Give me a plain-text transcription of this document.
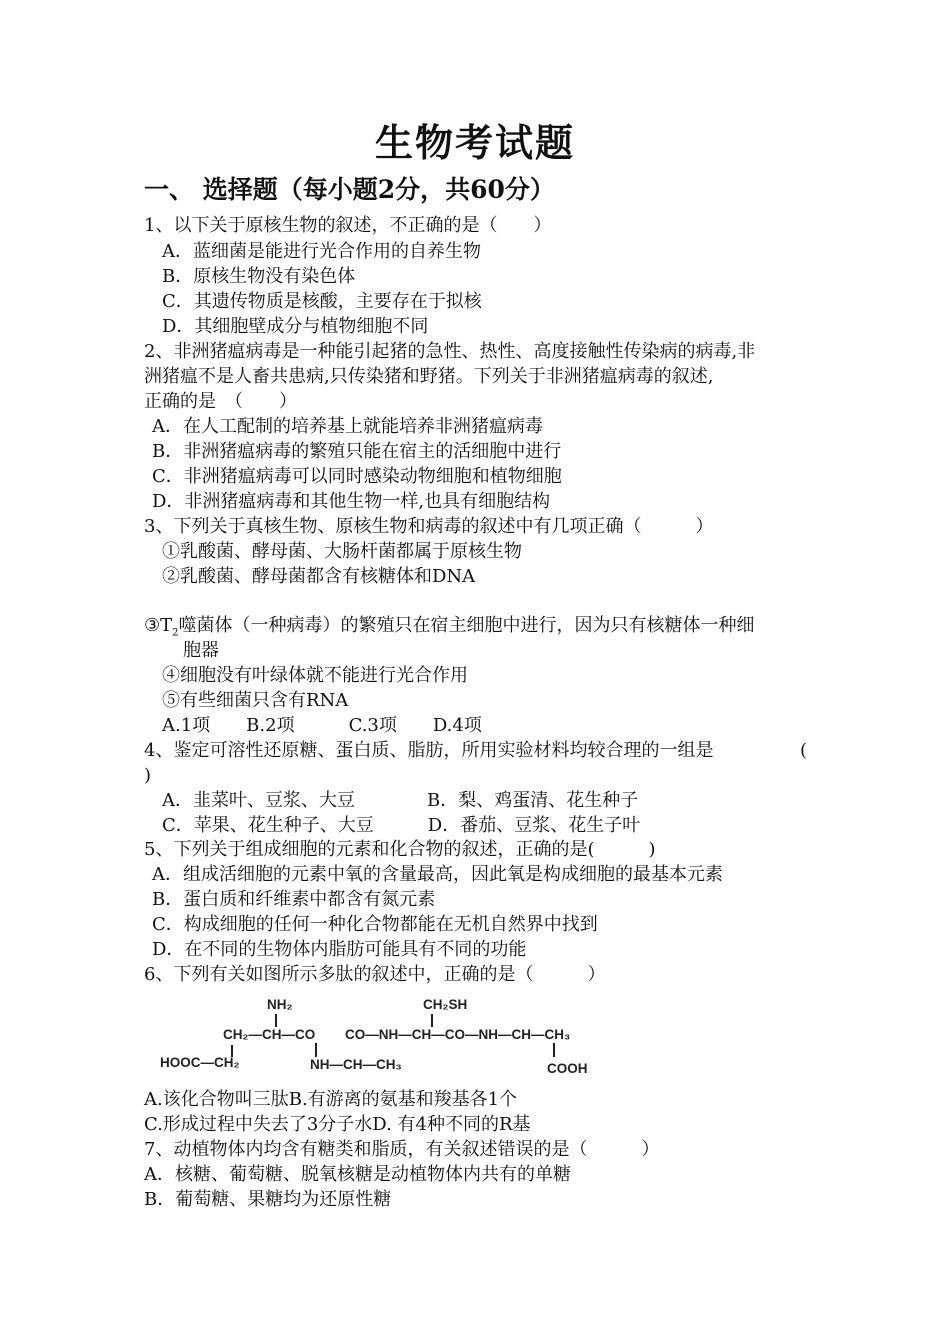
生物考试题
一、 选择题（每小题2分，共60分）
1、以下关于原核生物的叙述，不正确的是（　　）
A．蓝细菌是能进行光合作用的自养生物
B．原核生物没有染色体
C．其遗传物质是核酸，主要存在于拟核
D．其细胞壁成分与植物细胞不同
2、非洲猪瘟病毒是一种能引起猪的急性、热性、高度接触性传染病的病毒,非
洲猪瘟不是人畜共患病,只传染猪和野猪。下列关于非洲猪瘟病毒的叙述,
正确的是　（　　）
A．在人工配制的培养基上就能培养非洲猪瘟病毒
B．非洲猪瘟病毒的繁殖只能在宿主的活细胞中进行
C．非洲猪瘟病毒可以同时感染动物细胞和植物细胞
D．非洲猪瘟病毒和其他生物一样,也具有细胞结构
3、下列关于真核生物、原核生物和病毒的叙述中有几项正确（　　　）
①乳酸菌、酵母菌、大肠杆菌都属于原核生物
②乳酸菌、酵母菌都含有核糖体和DNA
$③T_2$噬菌体（一种病毒）的繁殖只在宿主细胞中进行，因为只有核糖体一种细
胞器
④细胞没有叶绿体就不能进行光合作用
⑤有些细菌只含有RNA
A.1项　　B.2项　　　C.3项　　D.4项
4、鉴定可溶性还原糖、蛋白质、脂肪，所用实验材料均较合理的一组是	(
)
A．韭菜叶、豆浆、大豆　　　　B．梨、鸡蛋清、花生种子
C．苹果、花生种子、大豆　　　D．番茄、豆浆、花生子叶
5、下列关于组成细胞的元素和化合物的叙述，正确的是(　　　)
A．组成活细胞的元素中氧的含量最高，因此氧是构成细胞的最基本元素
B．蛋白质和纤维素中都含有氮元素
C．构成细胞的任何一种化合物都能在无机自然界中找到
D．在不同的生物体内脂肪可能具有不同的功能
6、下列有关如图所示多肽的叙述中，正确的是（　　　）
NH₂	CH₂SH
CH₂—CH—CO CO—NH—CH—CO—NH—CH—CH₃
HOOC—CH₂	NH—CH—CH₃	COOH
A.该化合物叫三肽B.有游离的氨基和羧基各1个
C.形成过程中失去了3分子水D. 有4种不同的R基
7、动植物体内均含有糖类和脂质，有关叙述错误的是（　　　）
A．核糖、葡萄糖、脱氧核糖是动植物体内共有的单糖
B．葡萄糖、果糖均为还原性糖
